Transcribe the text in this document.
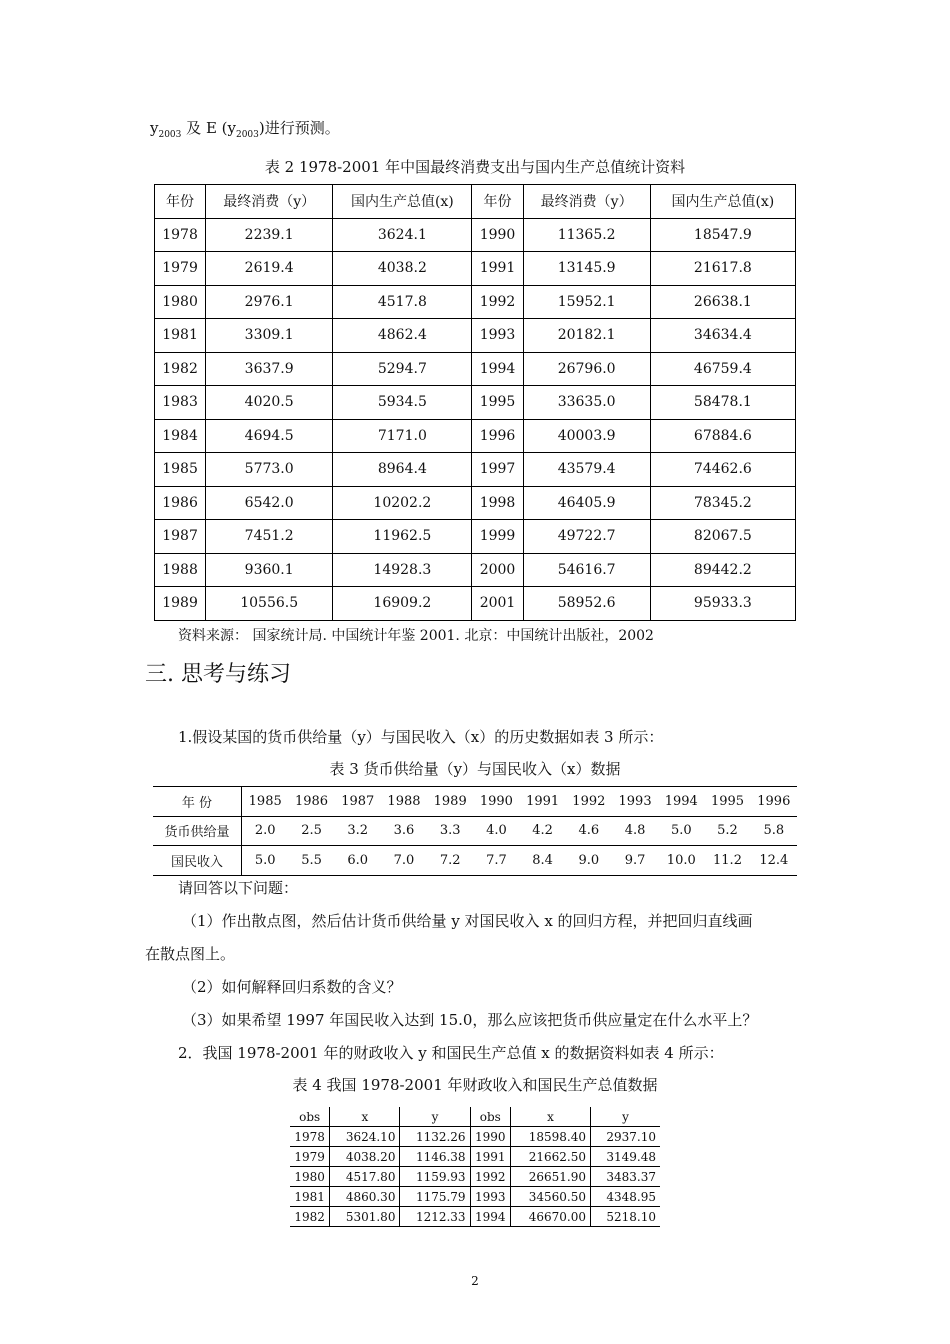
$y_{2003}$ 及 E $(y_{2003})$进行预测。
表 2 1978-2001 年中国最终消费支出与国内生产总值统计资料
年份	最终消费（y）	国内生产总值(x)	年份	最终消费（y）	国内生产总值(x)
1978	2239.1	3624.1	1990	11365.2	18547.9
1979	2619.4	4038.2	1991	13145.9	21617.8
1980	2976.1	4517.8	1992	15952.1	26638.1
1981	3309.1	4862.4	1993	20182.1	34634.4
1982	3637.9	5294.7	1994	26796.0	46759.4
1983	4020.5	5934.5	1995	33635.0	58478.1
1984	4694.5	7171.0	1996	40003.9	67884.6
1985	5773.0	8964.4	1997	43579.4	74462.6
1986	6542.0	10202.2	1998	46405.9	78345.2
1987	7451.2	11962.5	1999	49722.7	82067.5
1988	9360.1	14928.3	2000	54616.7	89442.2
1989	10556.5	16909.2	2001	58952.6	95933.3
资料来源： 国家统计局. 中国统计年鉴 2001. 北京：中国统计出版社，2002
三. 思考与练习
1.假设某国的货币供给量（y）与国民收入（x）的历史数据如表 3 所示：
表 3 货币供给量（y）与国民收入（x）数据
年 份	1985	1986	1987	1988	1989	1990	1991	1992	1993	1994	1995	1996
货币供给量	2.0	2.5	3.2	3.6	3.3	4.0	4.2	4.6	4.8	5.0	5.2	5.8
国民收入	5.0	5.5	6.0	7.0	7.2	7.7	8.4	9.0	9.7	10.0	11.2	12.4
请回答以下问题：
（1）作出散点图，然后估计货币供给量 y 对国民收入 x 的回归方程，并把回归直线画
在散点图上。
（2）如何解释回归系数的含义？
（3）如果希望 1997 年国民收入达到 15.0，那么应该把货币供应量定在什么水平上？
2．我国 1978-2001 年的财政收入 y 和国民生产总值 x 的数据资料如表 4 所示：
表 4 我国 1978-2001 年财政收入和国民生产总值数据
obs	x	y	obs	x	y
1978	3624.10	1132.26	1990	18598.40	2937.10
1979	4038.20	1146.38	1991	21662.50	3149.48
1980	4517.80	1159.93	1992	26651.90	3483.37
1981	4860.30	1175.79	1993	34560.50	4348.95
1982	5301.80	1212.33	1994	46670.00	5218.10
2
